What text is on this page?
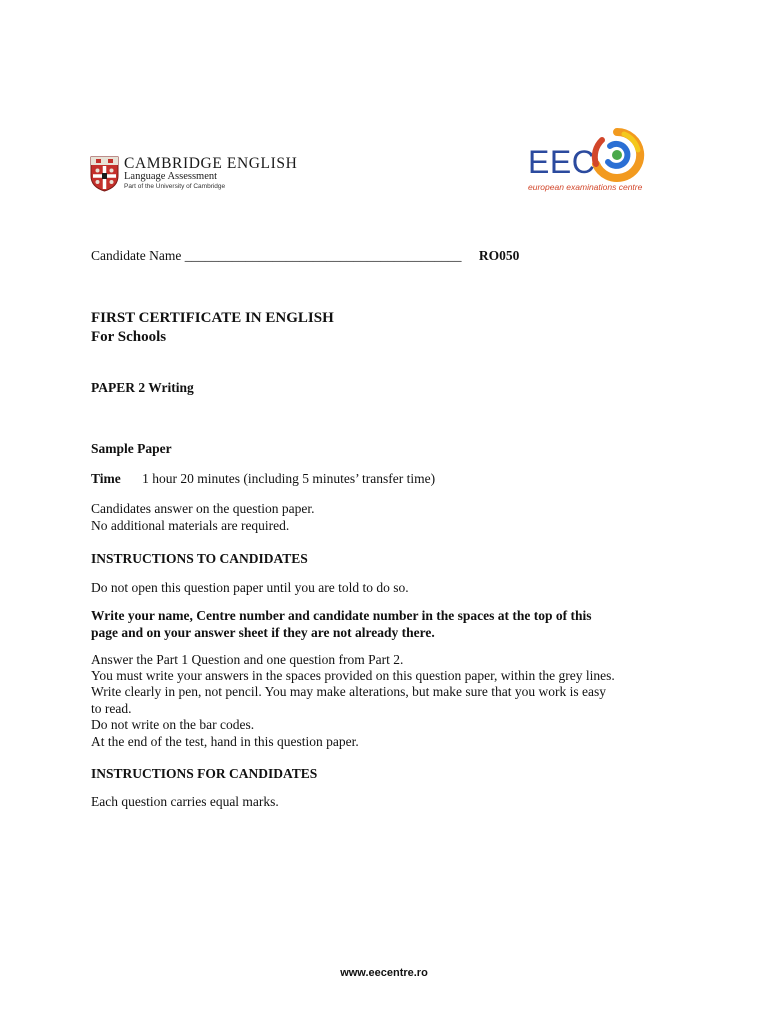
CAMBRIDGE ENGLISH
Language Assessment
Part of the University of Cambridge
EEC
european examinations centre
Candidate Name _________________________________________ RO050
FIRST CERTIFICATE IN ENGLISH
For Schools
PAPER 2 Writing
Sample Paper
Time 1 hour 20 minutes (including 5 minutes’ transfer time)
Candidates answer on the question paper.
No additional materials are required.
INSTRUCTIONS TO CANDIDATES
Do not open this question paper until you are told to do so.
Write your name, Centre number and candidate number in the spaces at the top of this
page and on your answer sheet if they are not already there.
Answer the Part 1 Question and one question from Part 2.
You must write your answers in the spaces provided on this question paper, within the grey lines.
Write clearly in pen, not pencil. You may make alterations, but make sure that you work is easy
to read.
Do not write on the bar codes.
At the end of the test, hand in this question paper.
INSTRUCTIONS FOR CANDIDATES
Each question carries equal marks.
www.eecentre.ro
